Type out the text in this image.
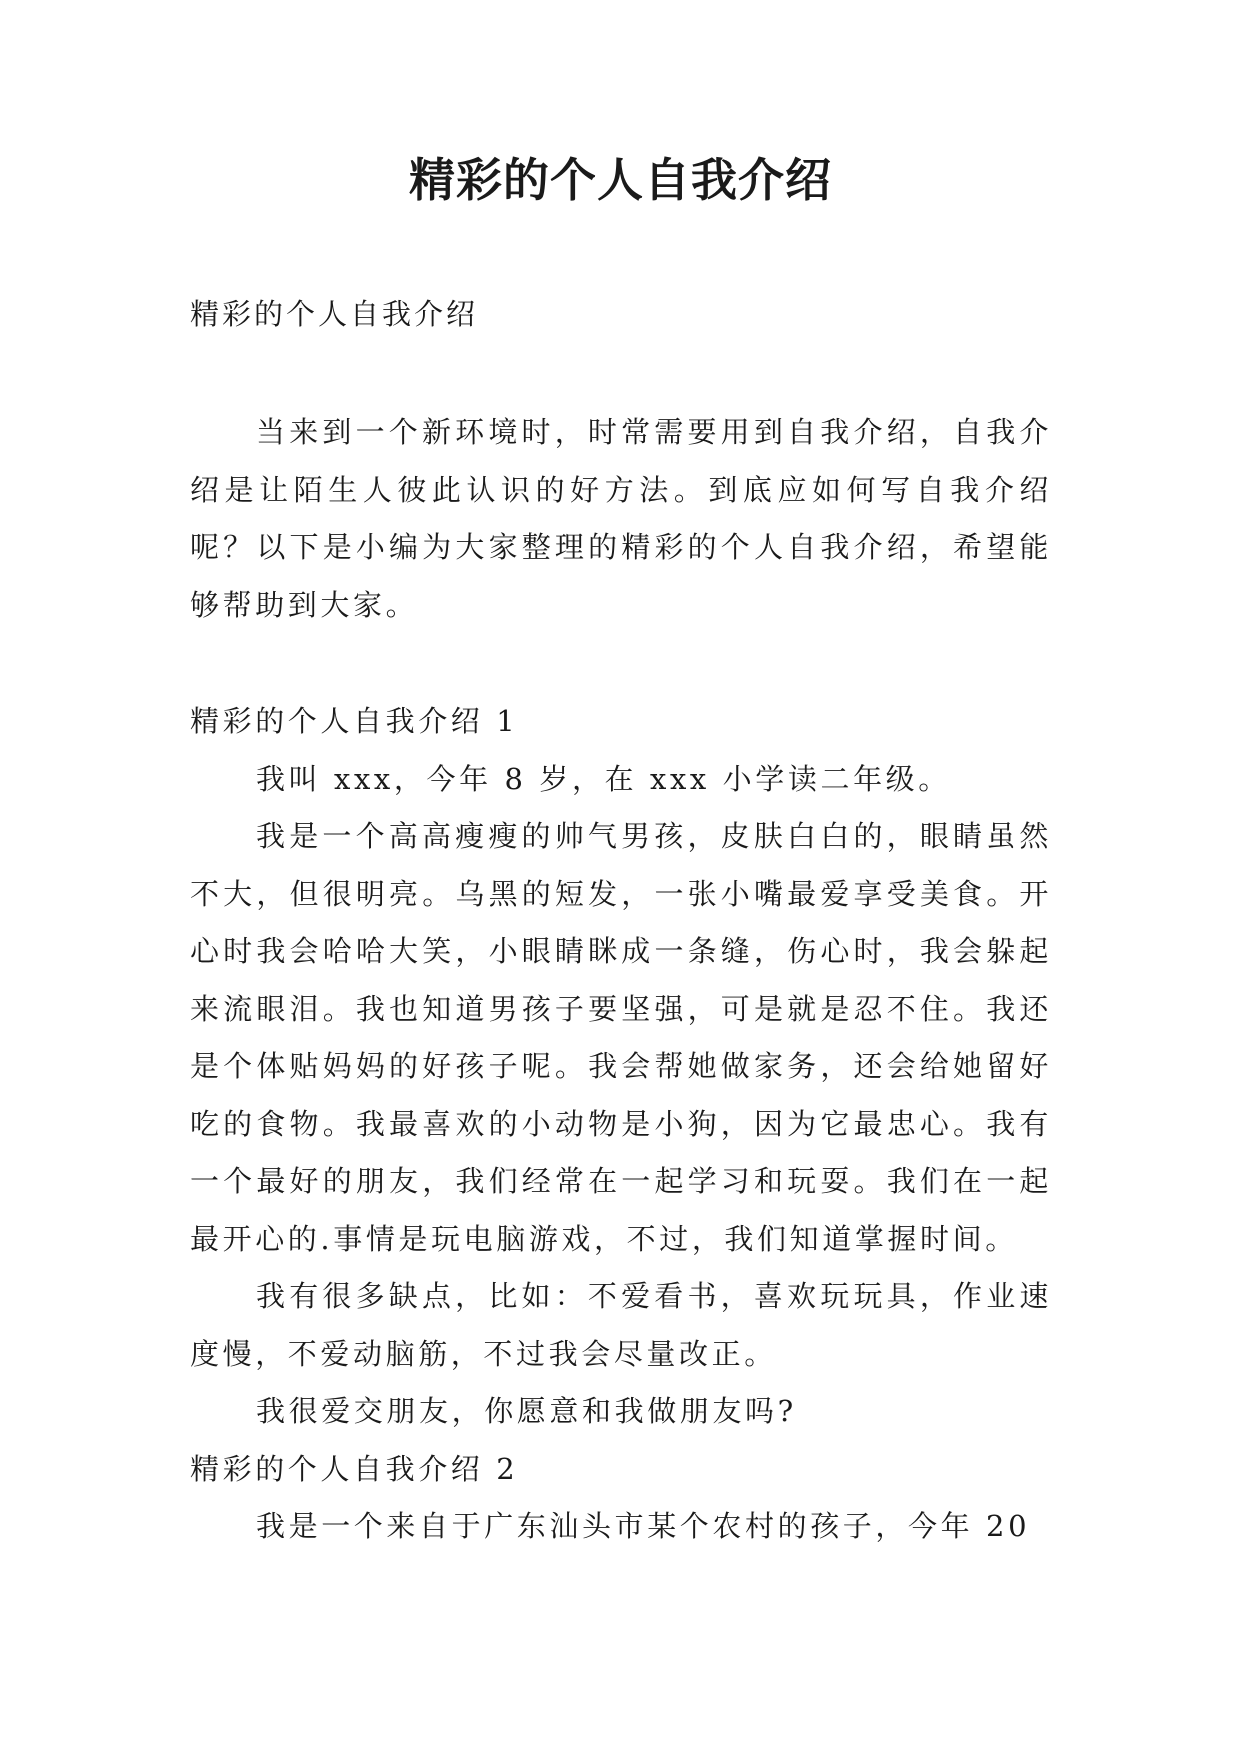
精彩的个人自我介绍

精彩的个人自我介绍

当来到一个新环境时，时常需要用到自我介绍，自我介绍是让陌生人彼此认识的好方法。到底应如何写自我介绍呢？以下是小编为大家整理的精彩的个人自我介绍，希望能够帮助到大家。

精彩的个人自我介绍 1

我叫 xxx，今年 8 岁，在 xxx 小学读二年级。

我是一个高高瘦瘦的帅气男孩，皮肤白白的，眼睛虽然不大，但很明亮。乌黑的短发，一张小嘴最爱享受美食。开心时我会哈哈大笑，小眼睛眯成一条缝，伤心时，我会躲起来流眼泪。我也知道男孩子要坚强，可是就是忍不住。我还是个体贴妈妈的好孩子呢。我会帮她做家务，还会给她留好吃的食物。我最喜欢的小动物是小狗，因为它最忠心。我有一个最好的朋友，我们经常在一起学习和玩耍。我们在一起最开心的.事情是玩电脑游戏，不过，我们知道掌握时间。

我有很多缺点，比如：不爱看书，喜欢玩玩具，作业速度慢，不爱动脑筋，不过我会尽量改正。

我很爱交朋友，你愿意和我做朋友吗?

精彩的个人自我介绍 2

我是一个来自于广东汕头市某个农村的孩子，今年 20
